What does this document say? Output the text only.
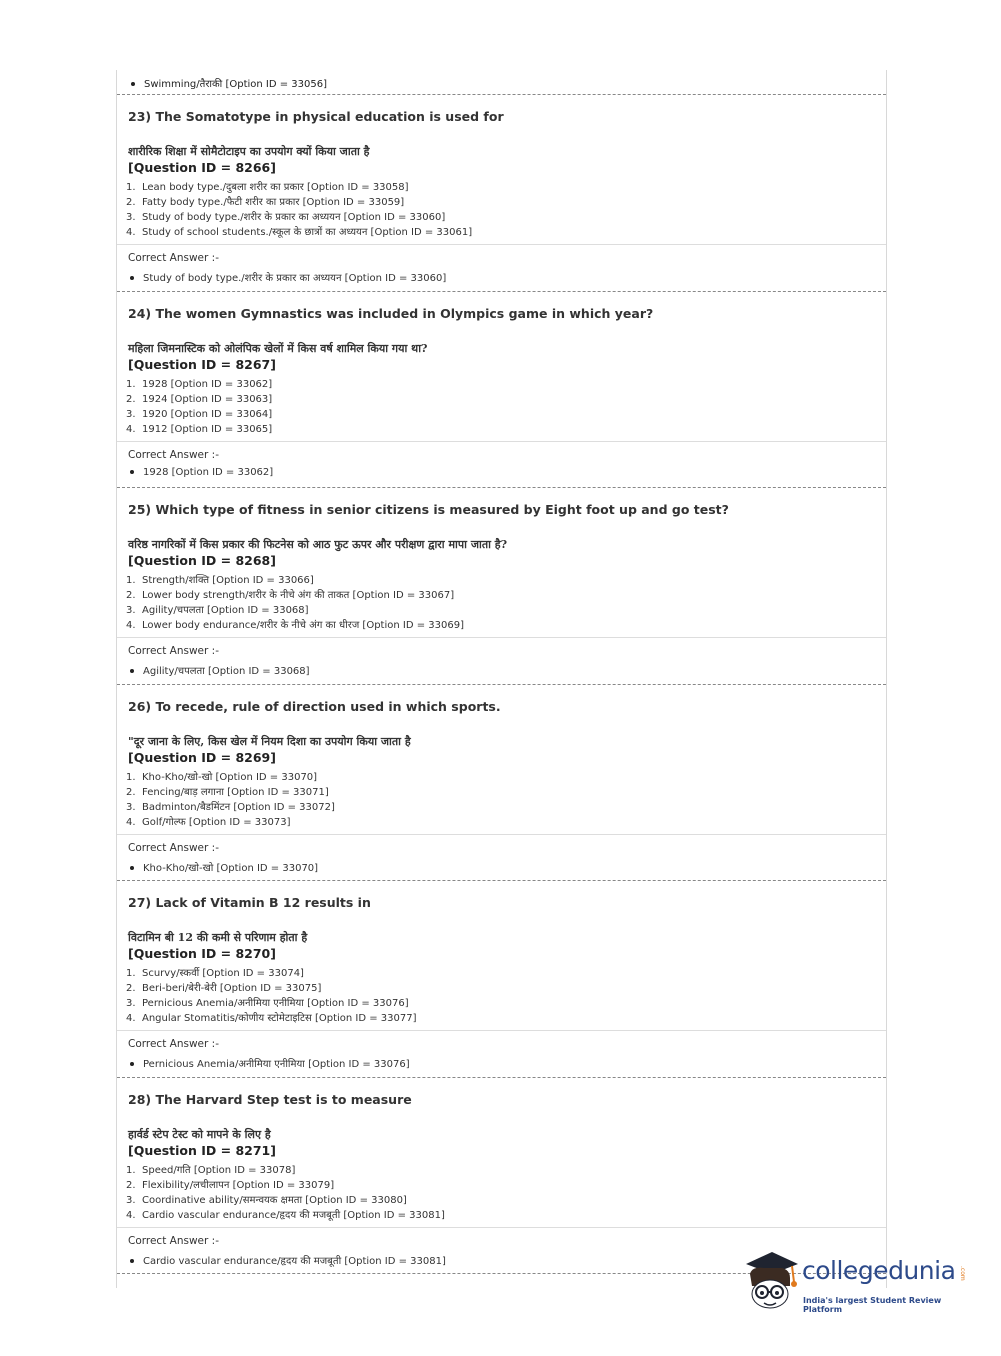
Swimming/तैराकी [Option ID = 33056]
23) The Somatotype in physical education is used for
शारीरिक शिक्षा में सोमैटोटाइप का उपयोग क्यों किया जाता है
[Question ID = 8266]
1. Lean body type./दुबला शरीर का प्रकार [Option ID = 33058]
2. Fatty body type./फैटी शरीर का प्रकार [Option ID = 33059]
3. Study of body type./शरीर के प्रकार का अध्ययन [Option ID = 33060]
4. Study of school students./स्कूल के छात्रों का अध्ययन [Option ID = 33061]
Correct Answer :-
Study of body type./शरीर के प्रकार का अध्ययन [Option ID = 33060]
24) The women Gymnastics was included in Olympics game in which year?
महिला जिमनास्टिक को ओलंपिक खेलों में किस वर्ष शामिल किया गया था?
[Question ID = 8267]
1. 1928 [Option ID = 33062]
2. 1924 [Option ID = 33063]
3. 1920 [Option ID = 33064]
4. 1912 [Option ID = 33065]
Correct Answer :-
1928 [Option ID = 33062]
25) Which type of fitness in senior citizens is measured by Eight foot up and go test?
वरिष्ठ नागरिकों में किस प्रकार की फिटनेस को आठ फुट ऊपर और परीक्षण द्वारा मापा जाता है?
[Question ID = 8268]
1. Strength/शक्ति [Option ID = 33066]
2. Lower body strength/शरीर के नीचे अंग की ताकत [Option ID = 33067]
3. Agility/चपलता [Option ID = 33068]
4. Lower body endurance/शरीर के नीचे अंग का धीरज [Option ID = 33069]
Correct Answer :-
Agility/चपलता [Option ID = 33068]
26) To recede, rule of direction used in which sports.
"दूर जाना के लिए, किस खेल में नियम दिशा का उपयोग किया जाता है
[Question ID = 8269]
1. Kho-Kho/खो-खो [Option ID = 33070]
2. Fencing/बाड़ लगाना [Option ID = 33071]
3. Badminton/बैडमिंटन [Option ID = 33072]
4. Golf/गोल्फ [Option ID = 33073]
Correct Answer :-
Kho-Kho/खो-खो [Option ID = 33070]
27) Lack of Vitamin B 12 results in
विटामिन बी 12 की कमी से परिणाम होता है
[Question ID = 8270]
1. Scurvy/स्कर्वी [Option ID = 33074]
2. Beri-beri/बेरी-बेरी [Option ID = 33075]
3. Pernicious Anemia/अनीमिया एनीमिया [Option ID = 33076]
4. Angular Stomatitis/कोणीय स्टोमेटाइटिस [Option ID = 33077]
Correct Answer :-
Pernicious Anemia/अनीमिया एनीमिया [Option ID = 33076]
28) The Harvard Step test is to measure
हार्वर्ड स्टेप टेस्ट को मापने के लिए है
[Question ID = 8271]
1. Speed/गति [Option ID = 33078]
2. Flexibility/लचीलापन [Option ID = 33079]
3. Coordinative ability/समन्वयक क्षमता [Option ID = 33080]
4. Cardio vascular endurance/हृदय की मजबूती [Option ID = 33081]
Correct Answer :-
Cardio vascular endurance/हृदय की मजबूती [Option ID = 33081]	collegedunia .com
India's largest Student Review Platform
